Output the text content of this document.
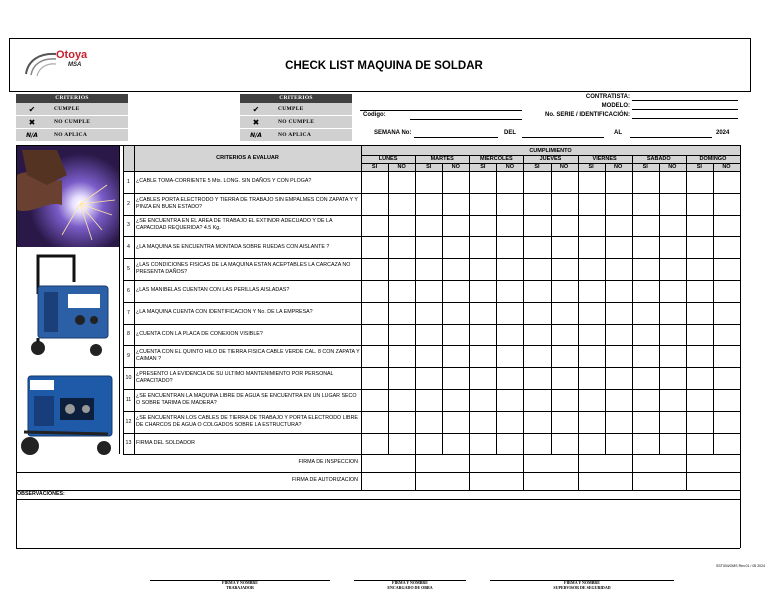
Otoya
MSA	CHECK LIST MAQUINA DE SOLDAR
CRITERIOS
✔	CUMPLE
✖	NO CUMPLE
N/A	NO APLICA
CRITERIOS
✔	CUMPLE
✖	NO CUMPLE
N/A	NO APLICA
CONTRATISTA:
MODELO:
No. SERIE / IDENTIFICACIÓN:
Codigo:
SEMANA No:	DEL	AL	2024
CUMPLIMIENTO
CRITERIOS A EVALUAR	LUNES
SI	NO
MARTES
SI	NO
MIERCOLES
SI	NO
JUEVES
SI	NO
VIERNES
SI	NO
SABADO
SI	NO
DOMINGO
SI	NO
1	¿CABLE TOMA-CORRIENTE 5 Mts. LONG. SIN DAÑOS Y CON PLOGA?
2
¿CABLES PORTA ELECTRODO Y TIERRA DE TRABAJO SIN EMPALMES CON ZAPATA Y Y PINZA EN BUEN ESTADO?
3
¿SE ENCUENTRA EN EL AREA DE TRABAJO EL EXTINOR ADECUADO Y DE LA CAPACIDAD REQUERIDA? 4.5 Kg.
4	¿LA MAQUINA SE ENCUENTRA MONTADA SOBRE RUEDAS CON AISLANTE ?
5
¿LAS CONDICIONES FISICAS DE LA MAQUINA ESTAN ACEPTABLES LA CARCAZA NO PRESENTA DAÑOS?
6	¿LAS MANIBELAS CUENTAN CON LAS PERILLAS AISLADAS?
7	¿LA MAQUINA CUENTA CON IDENTIFICACION Y No. DE LA EMPRESA?
8	¿CUENTA CON LA PLACA DE CONEXION VISIBLE?
9
¿CUENTA CON EL QUINTO HILO DE TIERRA FISICA CABLE VERDE CAL. 8 CON ZAPATA Y CAIMAN ?
10
¿PRESENTO LA EVIDENCIA DE SU ULTIMO MANTENIMIENTO POR PERSONAL CAPACITADO?
11
¿SE ENCUENTRAN LA MAQUINA LIBRE DE AGUA SE ENCUENTRA EN UN LUGAR SECO O SOBRE TARIMA DE MADERA?
12
¿SE ENCUENTRAN LOS CABLES DE TIERRA DE TRABAJO Y PORTA ELECTRODO LIBRE DE CHARCOS DE AGUA O COLGADOS SOBRE LA ESTRUCTURA?
13 FIRMA DEL SOLDADOR
FIRMA DE INSPECCION
FIRMA DE AUTORIZACION
OBSERVACIONES:
SST004/OMS Rev.01 / 05 2024
FIRMA Y NOMBRE
TRABAJADOR
FIRMA Y NOMBRE
ENCARGADO DE OBRA
FIRMA Y NOMBRE
SUPERVISOR DE SEGURIDAD
